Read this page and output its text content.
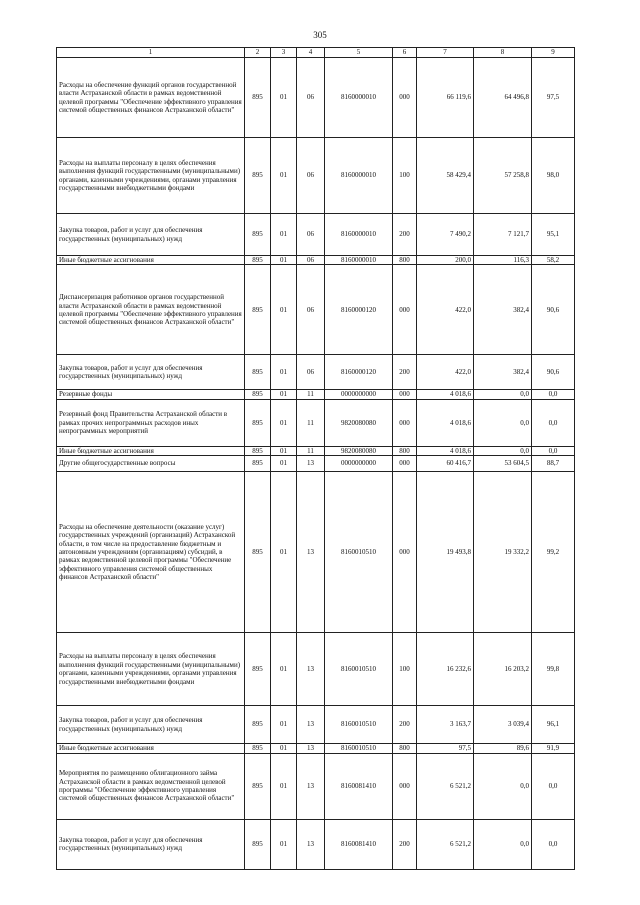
305
1	2	3	4	5	6	7	8	9
Расходы на обеспечение функций органов государственной власти Астраханской области в рамках ведомственной целевой программы "Обеспечение эффективного управления системой общественных финансов Астраханской области"	895	01	06	8160000010	000	66 119,6	64 496,8	97,5
Расходы на выплаты персоналу в целях обеспечения выполнения функций государственными (муниципальными) органами, казенными учреждениями, органами управления государственными внебюджетными фондами	895	01	06	8160000010	100	58 429,4	57 258,8	98,0
Закупка товаров, работ и услуг для обеспечения государственных (муниципальных) нужд	895	01	06	8160000010	200	7 490,2	7 121,7	95,1
Иные бюджетные ассигнования	895	01	06	8160000010	800	200,0	116,3	58,2
Диспансеризация работников органов государственной власти Астраханской области в рамках ведомственной целевой программы "Обеспечение эффективного управления системой общественных финансов Астраханской области"	895	01	06	8160000120	000	422,0	382,4	90,6
Закупка товаров, работ и услуг для обеспечения государственных (муниципальных) нужд	895	01	06	8160000120	200	422,0	382,4	90,6
Резервные фонды	895	01	11	0000000000	000	4 018,6	0,0	0,0
Резервный фонд Правительства Астраханской области в рамках прочих непрограммных расходов иных непрограммных мероприятий	895	01	11	9820080080	000	4 018,6	0,0	0,0
Иные бюджетные ассигнования	895	01	11	9820080080	800	4 018,6	0,0	0,0
Другие общегосударственные вопросы	895	01	13	0000000000	000	60 416,7	53 604,5	88,7
Расходы на обеспечение деятельности (оказание услуг) государственных учреждений (организаций) Астраханской области, в том числе на предоставление бюджетным и автономным учреждениям (организациям) субсидий, в рамках ведомственной целевой программы "Обеспечение эффективного управления системой общественных финансов Астраханской области"	895	01	13	8160010510	000	19 493,8	19 332,2	99,2
Расходы на выплаты персоналу в целях обеспечения выполнения функций государственными (муниципальными) органами, казенными учреждениями, органами управления государственными внебюджетными фондами	895	01	13	8160010510	100	16 232,6	16 203,2	99,8
Закупка товаров, работ и услуг для обеспечения государственных (муниципальных) нужд	895	01	13	8160010510	200	3 163,7	3 039,4	96,1
Иные бюджетные ассигнования	895	01	13	8160010510	800	97,5	89,6	91,9
Мероприятия по размещению облигационного займа Астраханской области в рамках ведомственной целевой программы "Обеспечение эффективного управления системой общественных финансов Астраханской области"	895	01	13	8160081410	000	6 521,2	0,0	0,0
Закупка товаров, работ и услуг для обеспечения государственных (муниципальных) нужд	895	01	13	8160081410	200	6 521,2	0,0	0,0
